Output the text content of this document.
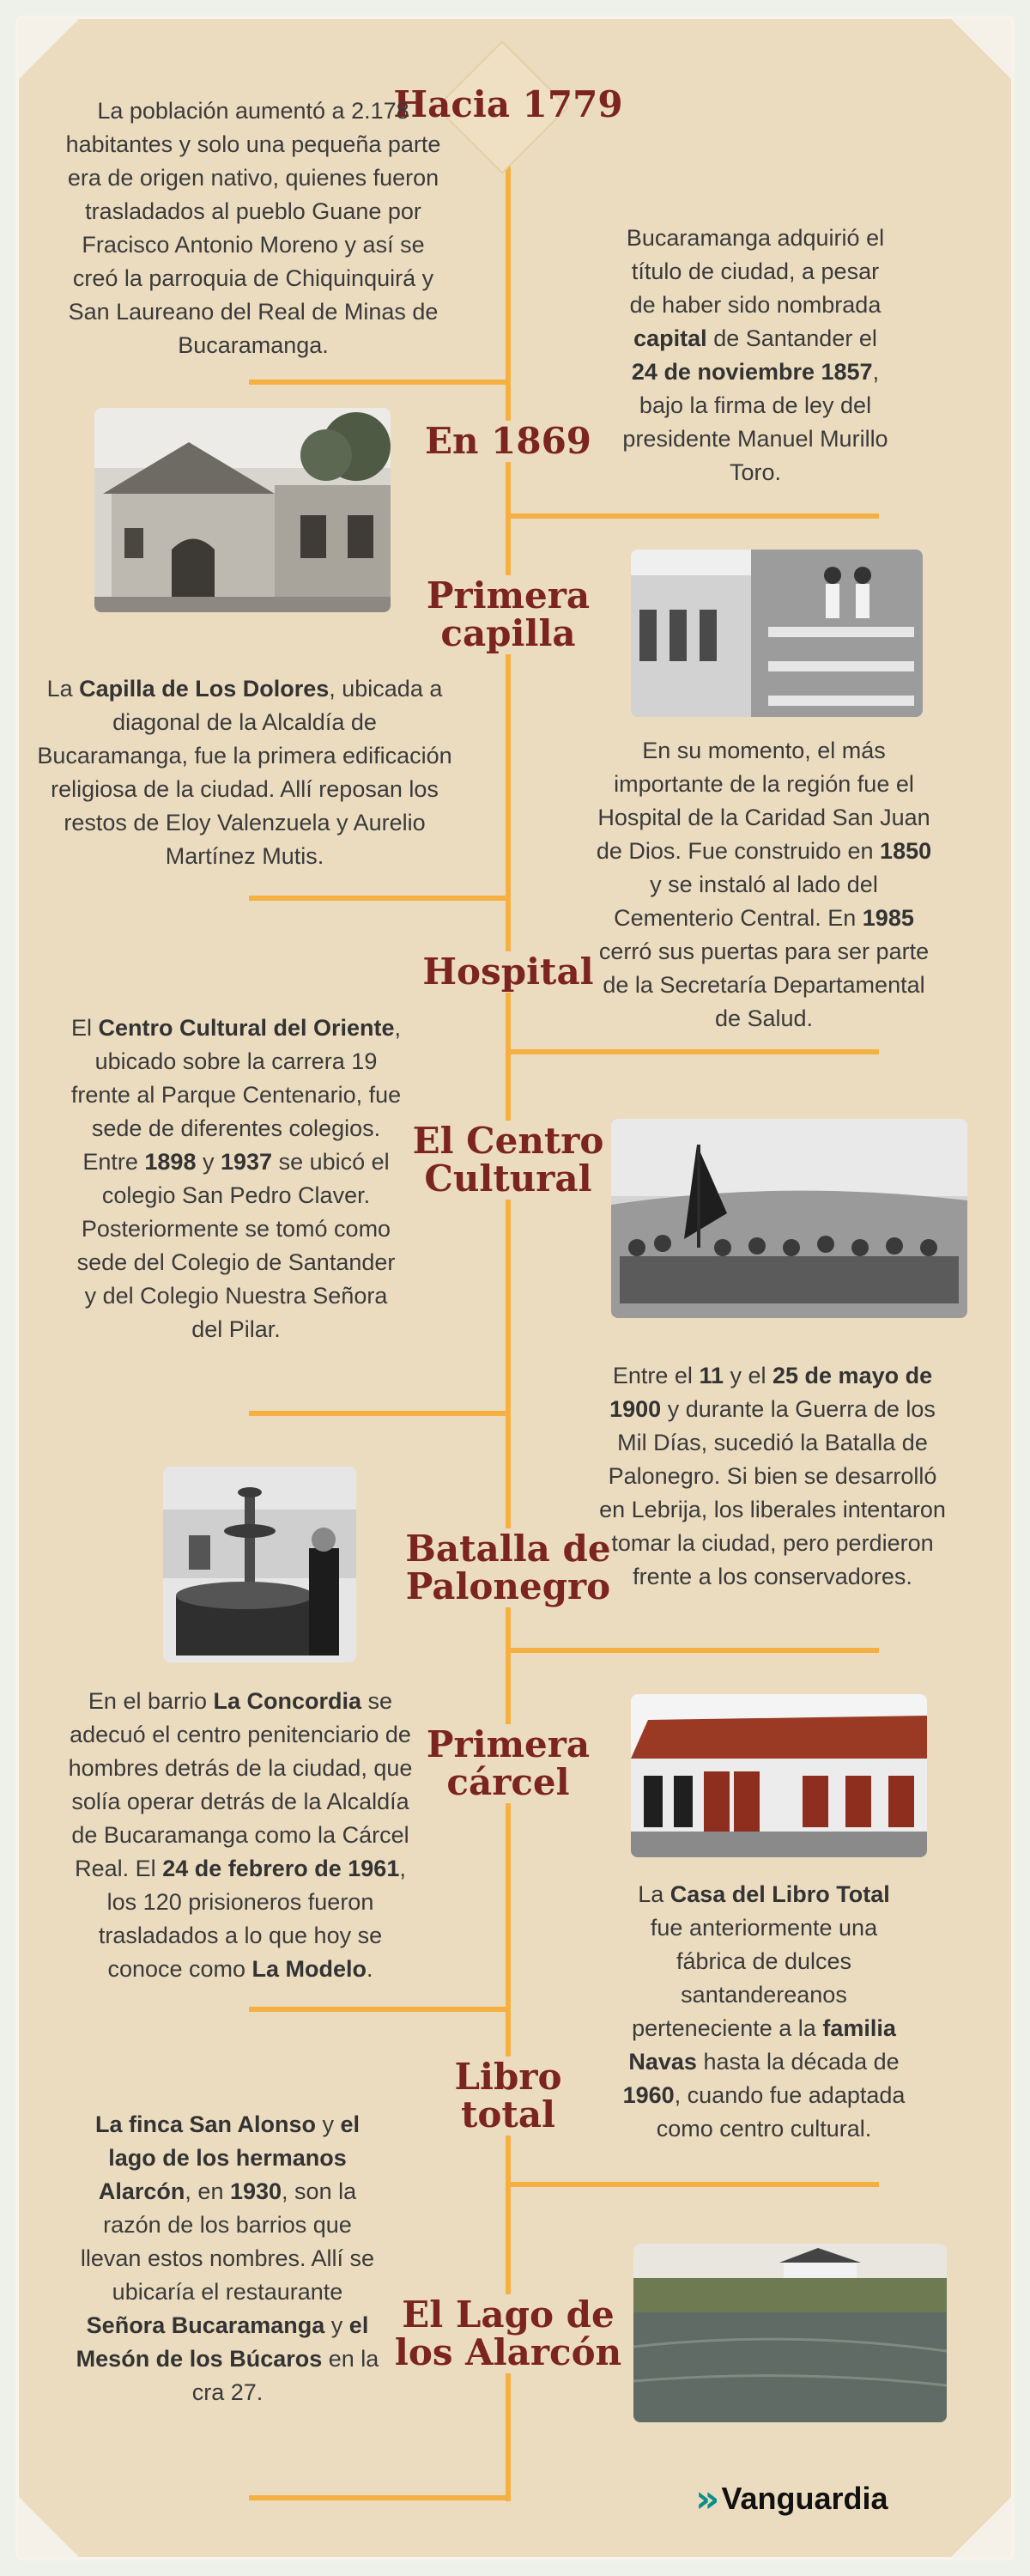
Hacia 1779
En 1869
Primera capilla
Hospital
El Centro Cultural
Batalla de Palonegro
Primera cárcel
Libro total
El Lago de los Alarcón
La población aumentó a 2.178 habitantes y solo una pequeña parte era de origen nativo, quienes fueron trasladados al pueblo Guane por Fracisco Antonio Moreno y así se creó la parroquia de Chiquinquirá y San Laureano del Real de Minas de Bucaramanga.
Bucaramanga adquirió el título de ciudad, a pesar de haber sido nombrada capital de Santander el 24 de noviembre 1857, bajo la firma de ley del presidente Manuel Murillo Toro.
La Capilla de Los Dolores, ubicada a diagonal de la Alcaldía de Bucaramanga, fue la primera edificación religiosa de la ciudad. Allí reposan los restos de Eloy Valenzuela y Aurelio Martínez Mutis.
En su momento, el más importante de la región fue el Hospital de la Caridad San Juan de Dios. Fue construido en 1850 y se instaló al lado del Cementerio Central. En 1985 cerró sus puertas para ser parte de la Secretaría Departamental de Salud.
El Centro Cultural del Oriente, ubicado sobre la carrera 19 frente al Parque Centenario, fue sede de diferentes colegios. Entre 1898 y 1937 se ubicó el colegio San Pedro Claver. Posteriormente se tomó como sede del Colegio de Santander y del Colegio Nuestra Señora del Pilar.
Entre el 11 y el 25 de mayo de 1900 y durante la Guerra de los Mil Días, sucedió la Batalla de Palonegro. Si bien se desarrolló en Lebrija, los liberales intentaron tomar la ciudad, pero perdieron frente a los conservadores.
En el barrio La Concordia se adecuó el centro penitenciario de hombres detrás de la ciudad, que solía operar detrás de la Alcaldía de Bucaramanga como la Cárcel Real. El 24 de febrero de 1961, los 120 prisioneros fueron trasladados a lo que hoy se conoce como La Modelo.
La Casa del Libro Total fue anteriormente una fábrica de dulces santandereanos perteneciente a la familia Navas hasta la década de 1960, cuando fue adaptada como centro cultural.
La finca San Alonso y el lago de los hermanos Alarcón, en 1930, son la razón de los barrios que llevan estos nombres. Allí se ubicaría el restaurante Señora Bucaramanga y el Mesón de los Búcaros en la cra 27.
» Vanguardia
